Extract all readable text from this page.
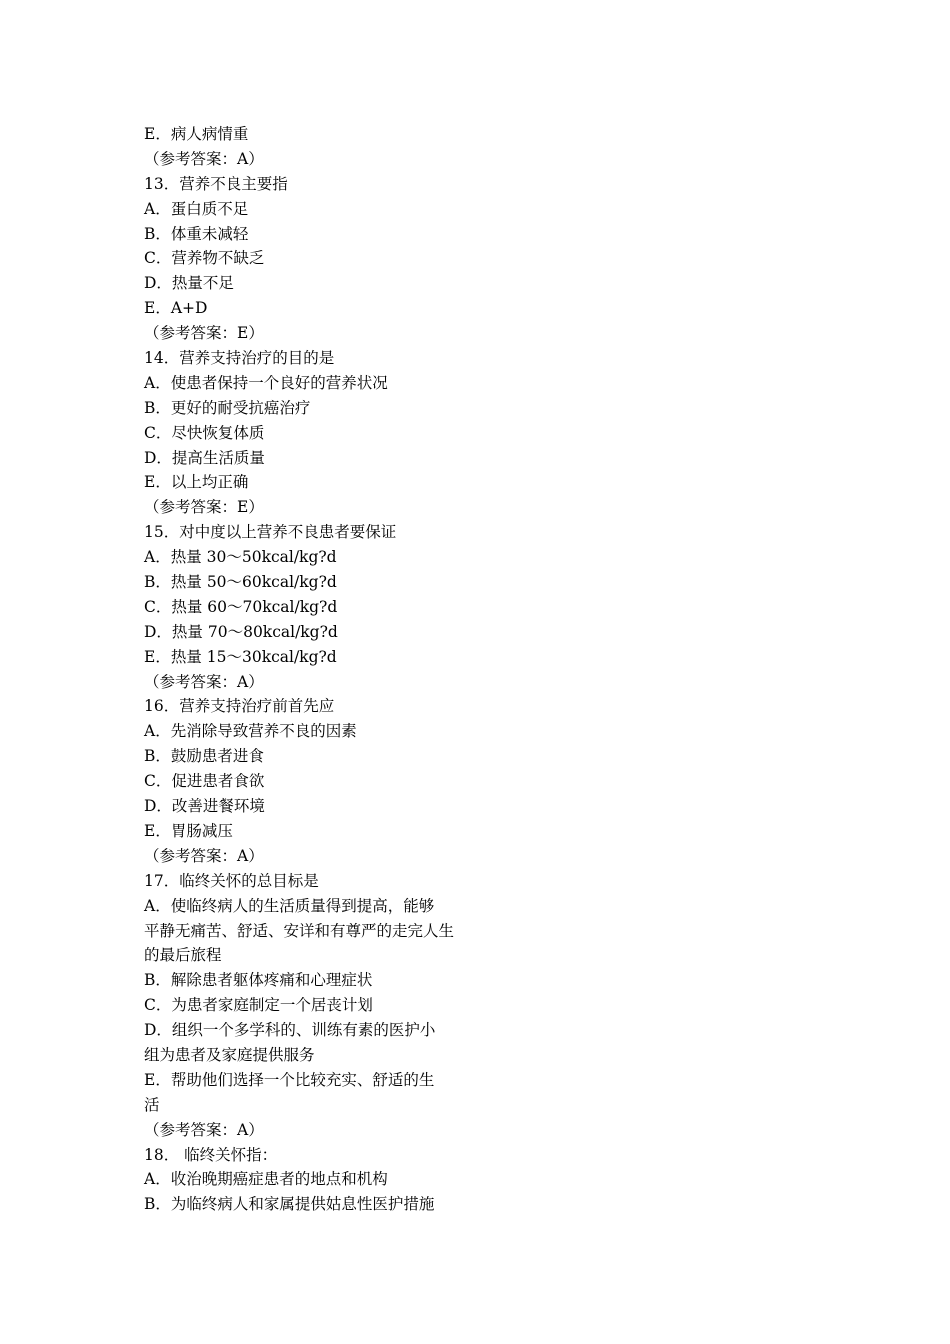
E．病人病情重
（参考答案：A）
13．营养不良主要指
A．蛋白质不足
B．体重未减轻
C．营养物不缺乏
D．热量不足
E．A+D
（参考答案：E）
14．营养支持治疗的目的是
A．使患者保持一个良好的营养状况
B．更好的耐受抗癌治疗
C．尽快恢复体质
D．提高生活质量
E．以上均正确
（参考答案：E）
15．对中度以上营养不良患者要保证
A．热量 30～50kcal/kg?d
B．热量 50～60kcal/kg?d
C．热量 60～70kcal/kg?d
D．热量 70～80kcal/kg?d
E．热量 15～30kcal/kg?d
（参考答案：A）
16．营养支持治疗前首先应
A．先消除导致营养不良的因素
B．鼓励患者进食
C．促进患者食欲
D．改善进餐环境
E．胃肠减压
（参考答案：A）
17．临终关怀的总目标是
A．使临终病人的生活质量得到提高，能够
平静无痛苦、舒适、安详和有尊严的走完人生
的最后旅程
B．解除患者躯体疼痛和心理症状
C．为患者家庭制定一个居丧计划
D．组织一个多学科的、训练有素的医护小
组为患者及家庭提供服务
E．帮助他们选择一个比较充实、舒适的生
活
（参考答案：A）
18． 临终关怀指：
A．收治晚期癌症患者的地点和机构
B．为临终病人和家属提供姑息性医护措施
